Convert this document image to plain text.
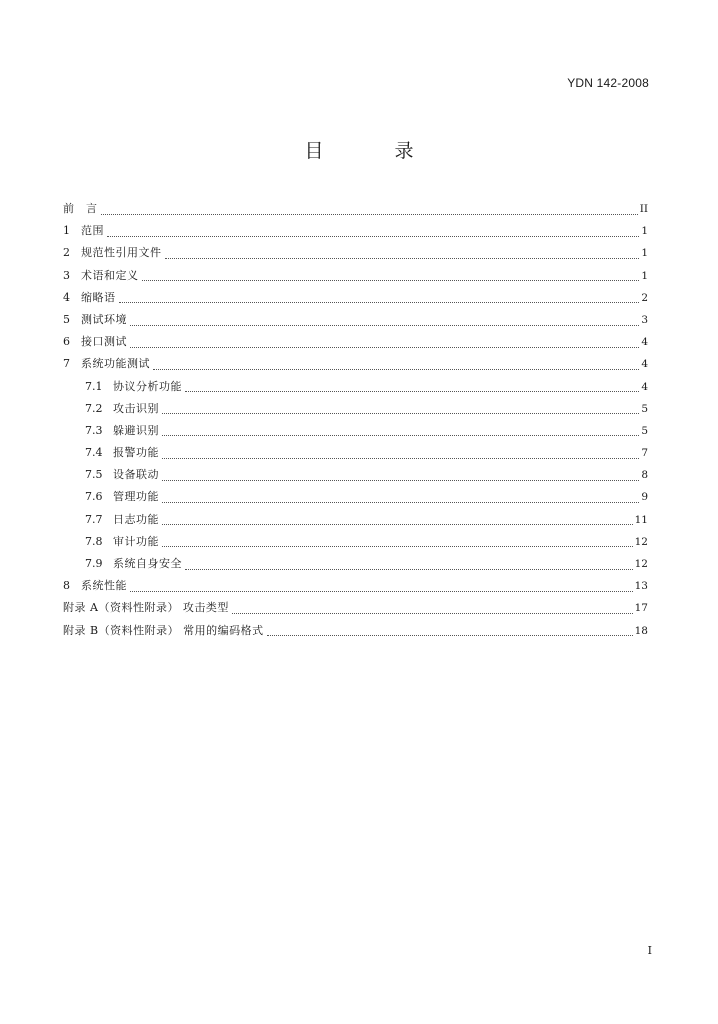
YDN 142-2008
目　录
前　言	II
1	范围	1
2	规范性引用文件	1
3	术语和定义	1
4	缩略语	2
5	测试环境	3
6	接口测试	4
7	系统功能测试	4
7.1 协议分析功能	4
7.2 攻击识别	5
7.3 躲避识别	5
7.4 报警功能	7
7.5 设备联动	8
7.6 管理功能	9
7.7 日志功能	11
7.8 审计功能	12
7.9 系统自身安全	12
8	系统性能	13
附录 A（资料性附录） 攻击类型	17
附录 B（资料性附录） 常用的编码格式	18
I
